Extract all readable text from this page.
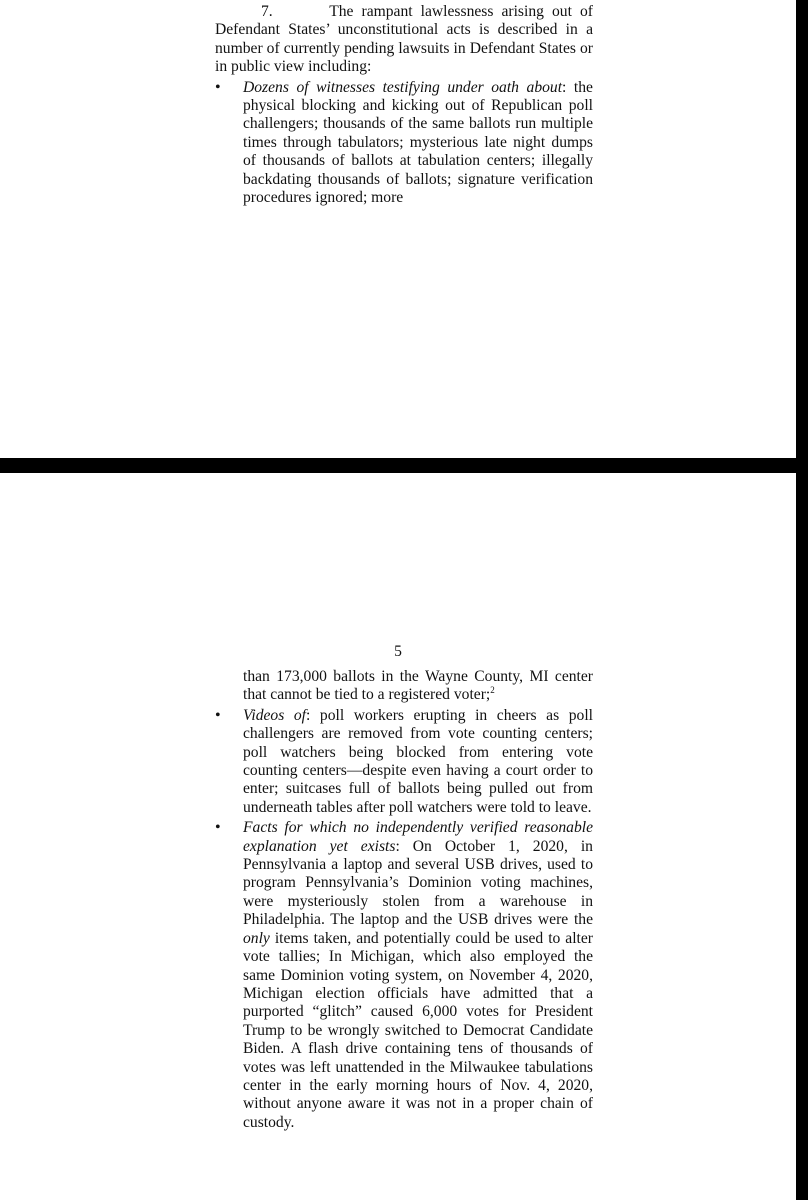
7.	The rampant lawlessness arising out of Defendant States’ unconstitutional acts is described in a number of currently pending lawsuits in Defendant States or in public view including:

• Dozens of witnesses testifying under oath about: the physical blocking and kicking out of Republican poll challengers; thousands of the same ballots run multiple times through tabulators; mysterious late night dumps of thousands of ballots at tabulation centers; illegally backdating thousands of ballots; signature verification procedures ignored; more

5

than 173,000 ballots in the Wayne County, MI center that cannot be tied to a registered voter;$^2$

• Videos of: poll workers erupting in cheers as poll challengers are removed from vote counting centers; poll watchers being blocked from entering vote counting centers—despite even having a court order to enter; suitcases full of ballots being pulled out from underneath tables after poll watchers were told to leave.

• Facts for which no independently verified reasonable explanation yet exists: On October 1, 2020, in Pennsylvania a laptop and several USB drives, used to program Pennsylvania’s Dominion voting machines, were mysteriously stolen from a warehouse in Philadelphia. The laptop and the USB drives were the only items taken, and potentially could be used to alter vote tallies; In Michigan, which also employed the same Dominion voting system, on November 4, 2020, Michigan election officials have admitted that a purported “glitch” caused 6,000 votes for President Trump to be wrongly switched to Democrat Candidate Biden. A flash drive containing tens of thousands of votes was left unattended in the Milwaukee tabulations center in the early morning hours of Nov. 4, 2020, without anyone aware it was not in a proper chain of custody.
